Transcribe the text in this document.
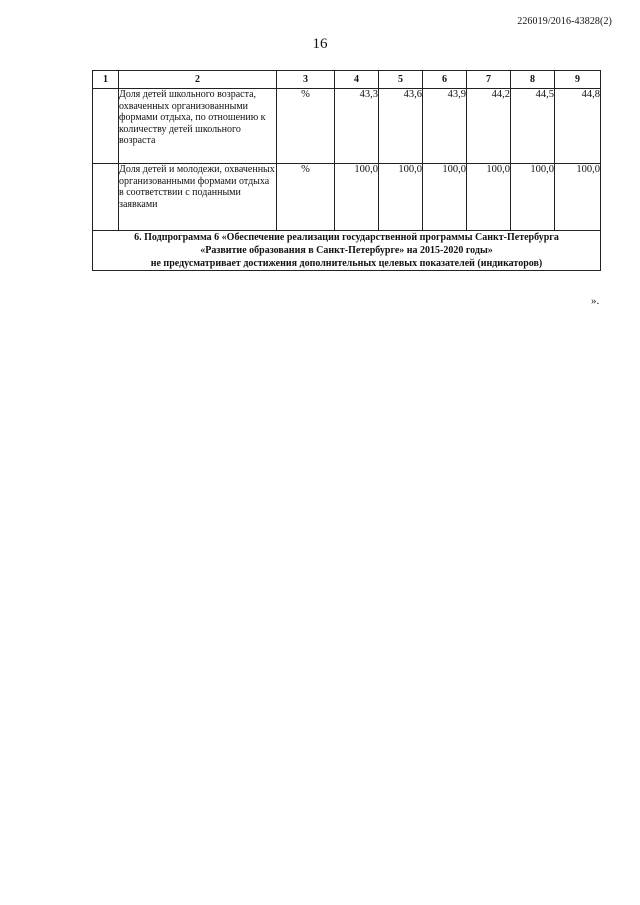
226019/2016-43828(2)
16
1	2	3	4	5	6	7	8	9
	Доля детей школьного возраста, охваченных организованными формами отдыха, по отношению к количеству детей школьного возраста	%	43,3	43,6	43,9	44,2	44,5	44,8
	Доля детей и молодежи, охваченных организованными формами отдыха в соответствии с поданными заявками	%	100,0	100,0	100,0	100,0	100,0	100,0

6. Подпрограмма 6 «Обеспечение реализации государственной программы Санкт-Петербурга
«Развитие образования в Санкт-Петербурге» на 2015-2020 годы»
не предусматривает достижения дополнительных целевых показателей (индикаторов)								
».
